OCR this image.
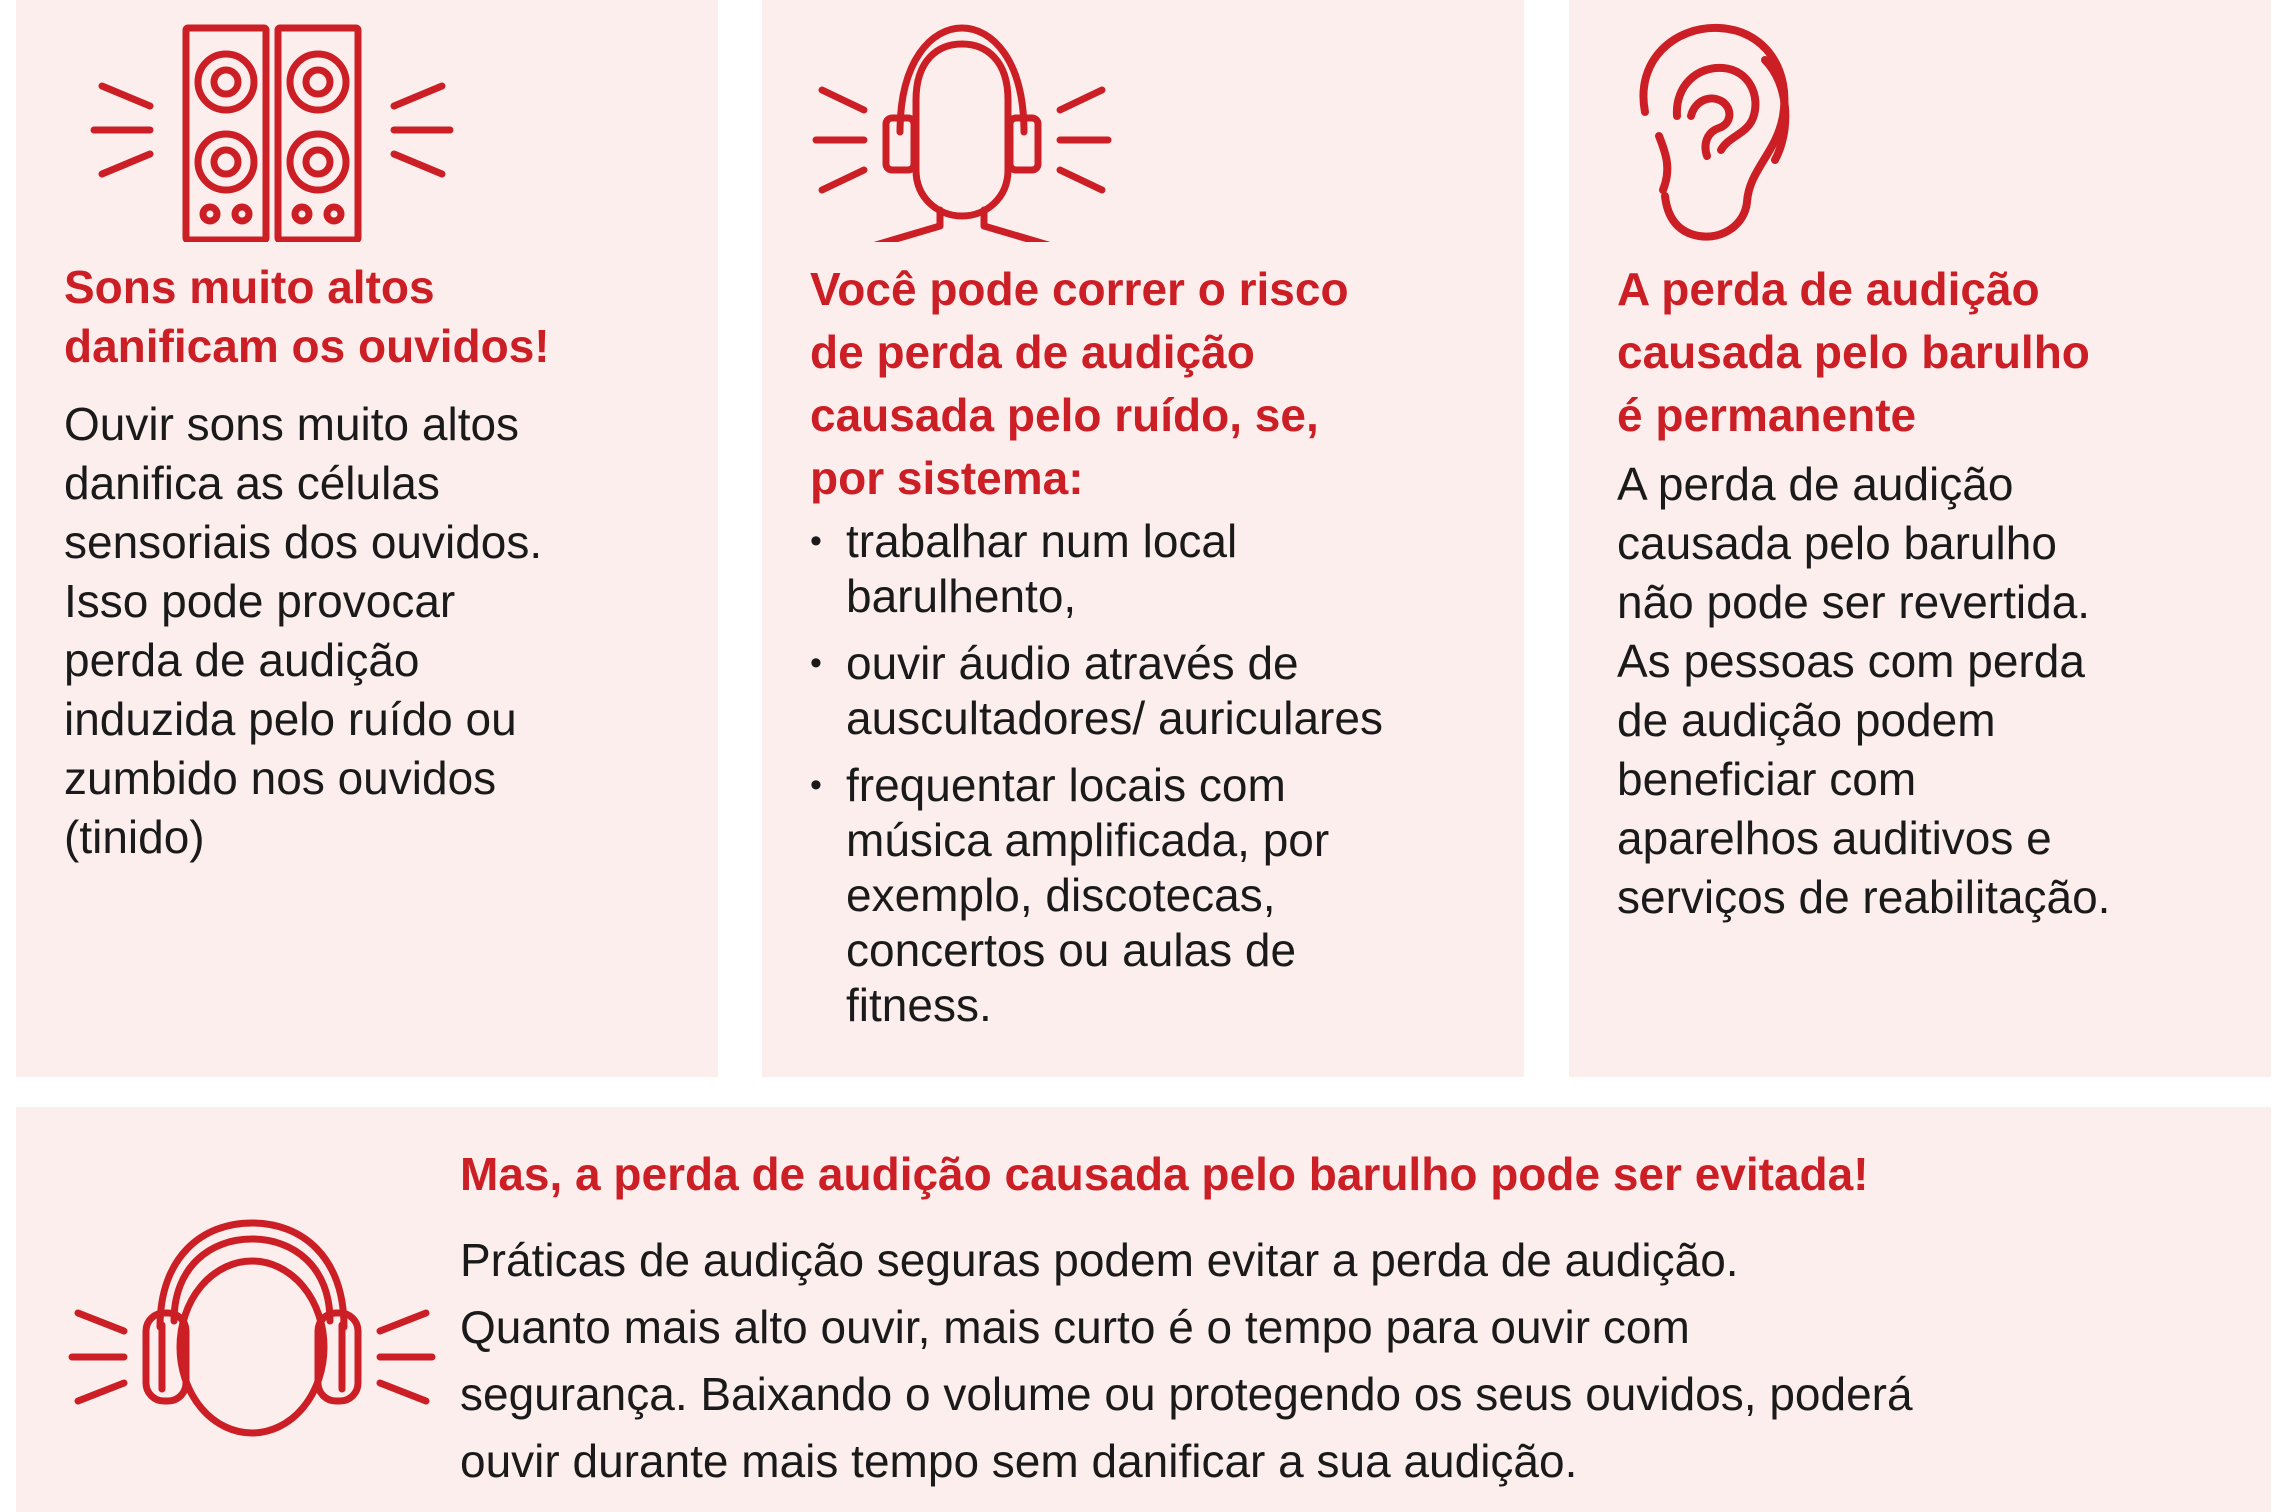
Sons muito altos
danificam os ouvidos!

Ouvir sons muito altos
danifica as células
sensoriais dos ouvidos.
Isso pode provocar
perda de audição
induzida pelo ruído ou
zumbido nos ouvidos
(tinido)

Você pode correr o risco
de perda de audição
causada pelo ruído, se,
por sistema:
• trabalhar num local
barulhento,
• ouvir áudio através de
auscultadores/ auriculares
• frequentar locais com
música amplificada, por
exemplo, discotecas,
concertos ou aulas de
fitness.
A perda de audição
causada pelo barulho
é permanente

A perda de audição
causada pelo barulho
não pode ser revertida.
As pessoas com perda
de audição podem
beneficiar com
aparelhos auditivos e
serviços de reabilitação.

Mas, a perda de audição causada pelo barulho pode ser evitada!

Práticas de audição seguras podem evitar a perda de audição.
Quanto mais alto ouvir, mais curto é o tempo para ouvir com
segurança. Baixando o volume ou protegendo os seus ouvidos, poderá
ouvir durante mais tempo sem danificar a sua audição.
